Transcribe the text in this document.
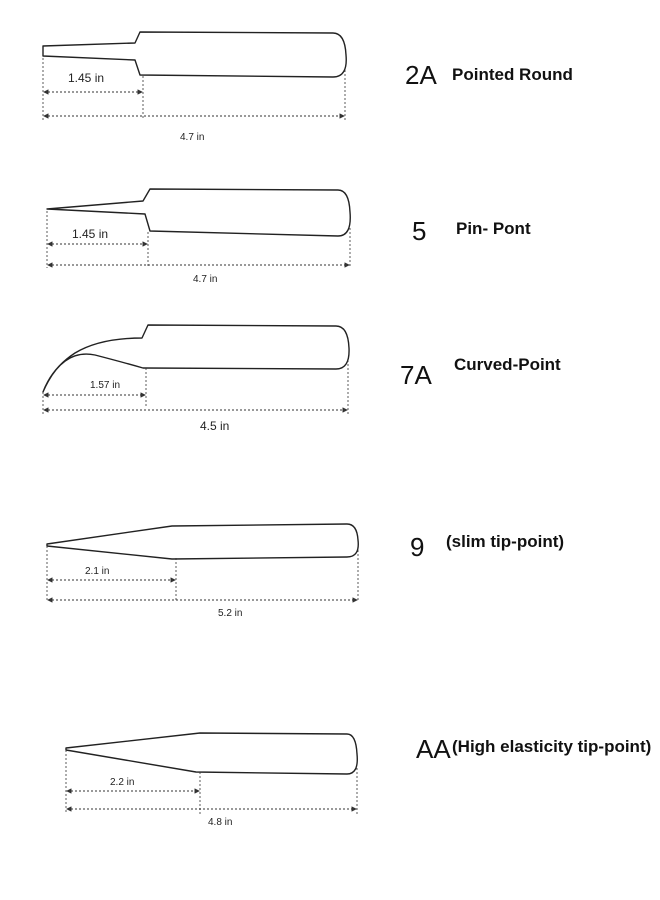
1.45 in
4.7 in
2A Pointed Round
1.45 in
4.7 in
5 Pin- Pont
1.57 in
4.5 in
7A Curved-Point
2.1 in
5.2 in
9 (slim tip-point)
2.2 in
4.8 in
AA (High elasticity tip-point)
